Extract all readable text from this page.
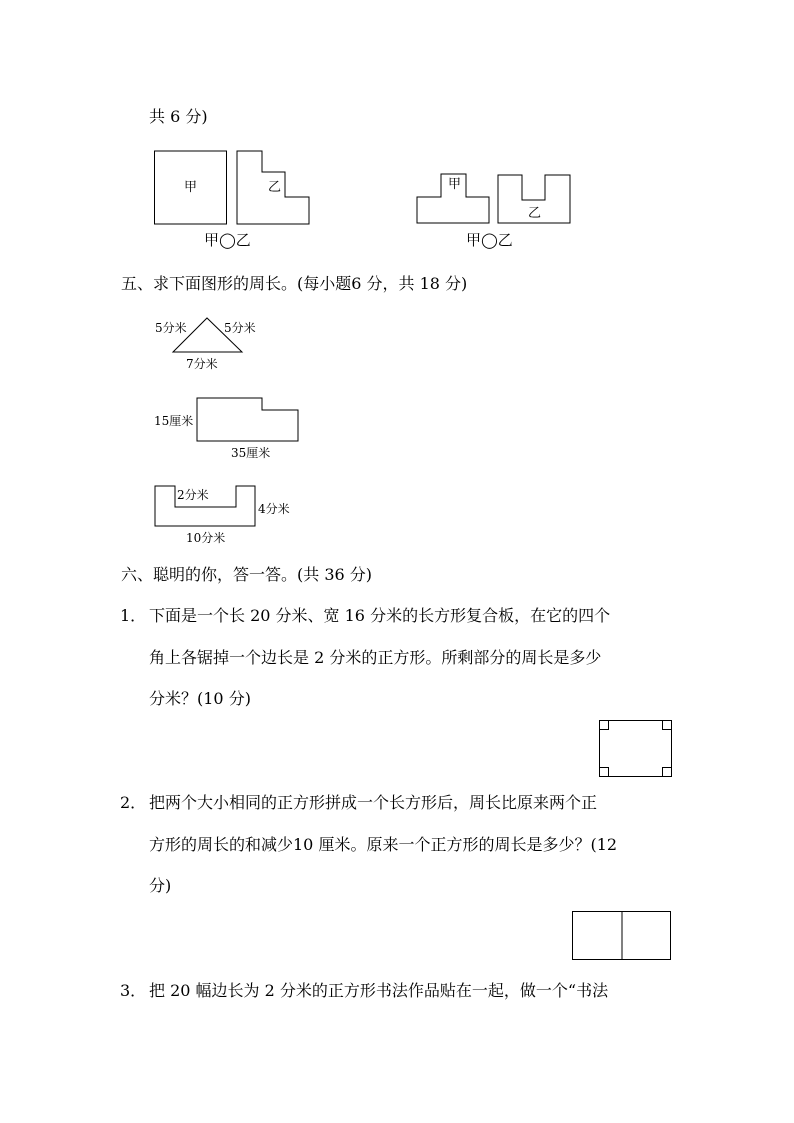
共 6 分)
甲	乙
甲◯乙
甲
乙
甲◯乙
五、求下面图形的周长。(每小题6 分，共 18 分)
5分米	5分米
7分米
15厘米
35厘米
2分米
4分米
10分米
六、聪明的你，答一答。(共 36 分)
1． 下面是一个长 20 分米、宽 16 分米的长方形复合板，在它的四个
角上各锯掉一个边长是 2 分米的正方形。所剩部分的周长是多少
分米？(10 分)
2． 把两个大小相同的正方形拼成一个长方形后，周长比原来两个正
方形的周长的和减少10 厘米。原来一个正方形的周长是多少？(12
分)
3． 把 20 幅边长为 2 分米的正方形书法作品贴在一起，做一个“书法
